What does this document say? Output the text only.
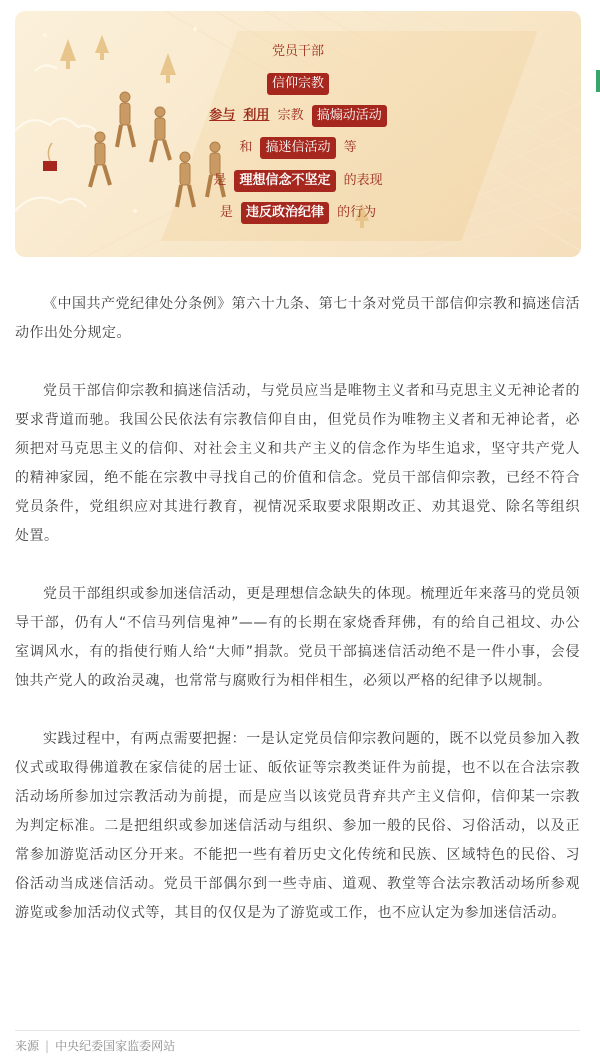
党员干部
信仰宗教
参与 利用 宗教 搞煽动活动
和 搞迷信活动 等
是 理想信念不坚定 的表现
是 违反政治纪律 的行为

《中国共产党纪律处分条例》第六十九条、第七十条对党员干部信仰宗教和搞迷信活动作出处分规定。

党员干部信仰宗教和搞迷信活动，与党员应当是唯物主义者和马克思主义无神论者的要求背道而驰。我国公民依法有宗教信仰自由，但党员作为唯物主义者和无神论者，必须把对马克思主义的信仰、对社会主义和共产主义的信念作为毕生追求，坚守共产党人的精神家园，绝不能在宗教中寻找自己的价值和信念。党员干部信仰宗教，已经不符合党员条件，党组织应对其进行教育，视情况采取要求限期改正、劝其退党、除名等组织处置。

党员干部组织或参加迷信活动，更是理想信念缺失的体现。梳理近年来落马的党员领导干部，仍有人“不信马列信鬼神”——有的长期在家烧香拜佛，有的给自己祖坟、办公室调风水，有的指使行贿人给“大师”捐款。党员干部搞迷信活动绝不是一件小事，会侵蚀共产党人的政治灵魂，也常常与腐败行为相伴相生，必须以严格的纪律予以规制。

实践过程中，有两点需要把握：一是认定党员信仰宗教问题的，既不以党员参加入教仪式或取得佛道教在家信徒的居士证、皈依证等宗教类证件为前提，也不以在合法宗教活动场所参加过宗教活动为前提，而是应当以该党员背弃共产主义信仰，信仰某一宗教为判定标准。二是把组织或参加迷信活动与组织、参加一般的民俗、习俗活动，以及正常参加游览活动区分开来。不能把一些有着历史文化传统和民族、区域特色的民俗、习俗活动当成迷信活动。党员干部偶尔到一些寺庙、道观、教堂等合法宗教活动场所参观游览或参加活动仪式等，其目的仅仅是为了游览或工作，也不应认定为参加迷信活动。

来源 | 中央纪委国家监委网站
